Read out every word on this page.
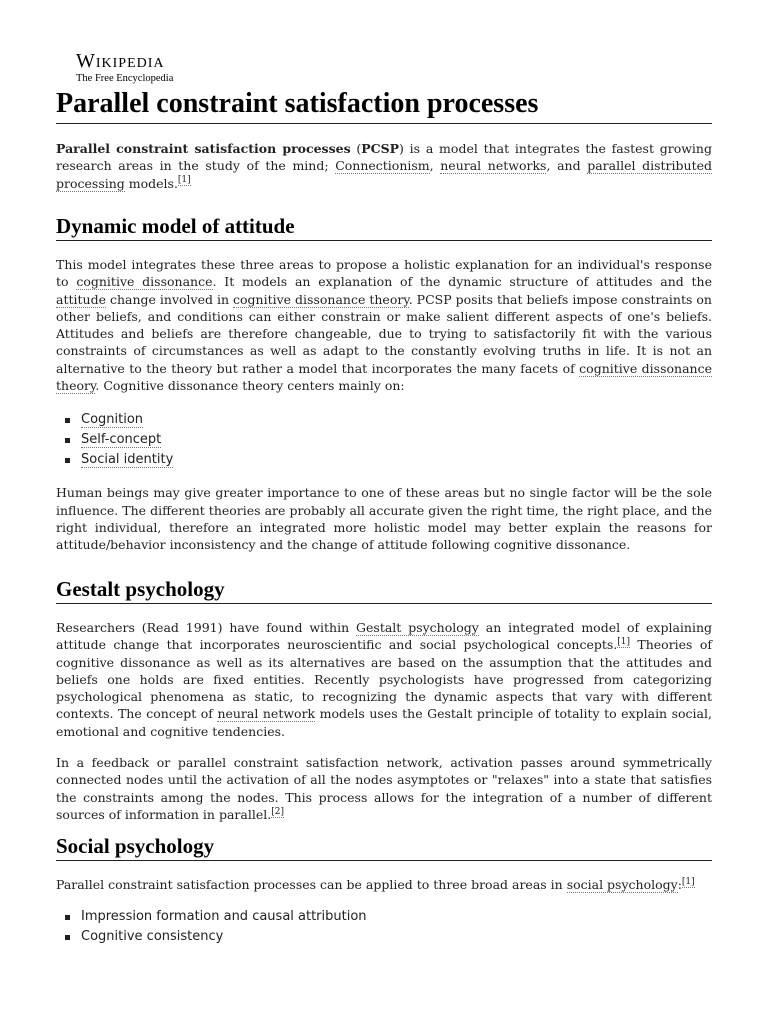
Wikipedia
The Free Encyclopedia
Parallel constraint satisfaction processes

Parallel constraint satisfaction processes (PCSP) is a model that integrates the fastest growing research areas in the study of the mind; Connectionism, neural networks, and parallel distributed processing models.[1]

Dynamic model of attitude

This model integrates these three areas to propose a holistic explanation for an individual's response to cognitive dissonance. It models an explanation of the dynamic structure of attitudes and the attitude change involved in cognitive dissonance theory. PCSP posits that beliefs impose constraints on other beliefs, and conditions can either constrain or make salient different aspects of one's beliefs. Attitudes and beliefs are therefore changeable, due to trying to satisfactorily fit with the various constraints of circumstances as well as adapt to the constantly evolving truths in life. It is not an alternative to the theory but rather a model that incorporates the many facets of cognitive dissonance theory. Cognitive dissonance theory centers mainly on:

Cognition
Self-concept
Social identity

Human beings may give greater importance to one of these areas but no single factor will be the sole influence. The different theories are probably all accurate given the right time, the right place, and the right individual, therefore an integrated more holistic model may better explain the reasons for attitude/behavior inconsistency and the change of attitude following cognitive dissonance.

Gestalt psychology

Researchers (Read 1991) have found within Gestalt psychology an integrated model of explaining attitude change that incorporates neuroscientific and social psychological concepts.[1] Theories of cognitive dissonance as well as its alternatives are based on the assumption that the attitudes and beliefs one holds are fixed entities. Recently psychologists have progressed from categorizing psychological phenomena as static, to recognizing the dynamic aspects that vary with different contexts. The concept of neural network models uses the Gestalt principle of totality to explain social, emotional and cognitive tendencies.

In a feedback or parallel constraint satisfaction network, activation passes around symmetrically connected nodes until the activation of all the nodes asymptotes or "relaxes" into a state that satisfies the constraints among the nodes. This process allows for the integration of a number of different sources of information in parallel.[2]

Social psychology

Parallel constraint satisfaction processes can be applied to three broad areas in social psychology:[1]

Impression formation and causal attribution
Cognitive consistency
